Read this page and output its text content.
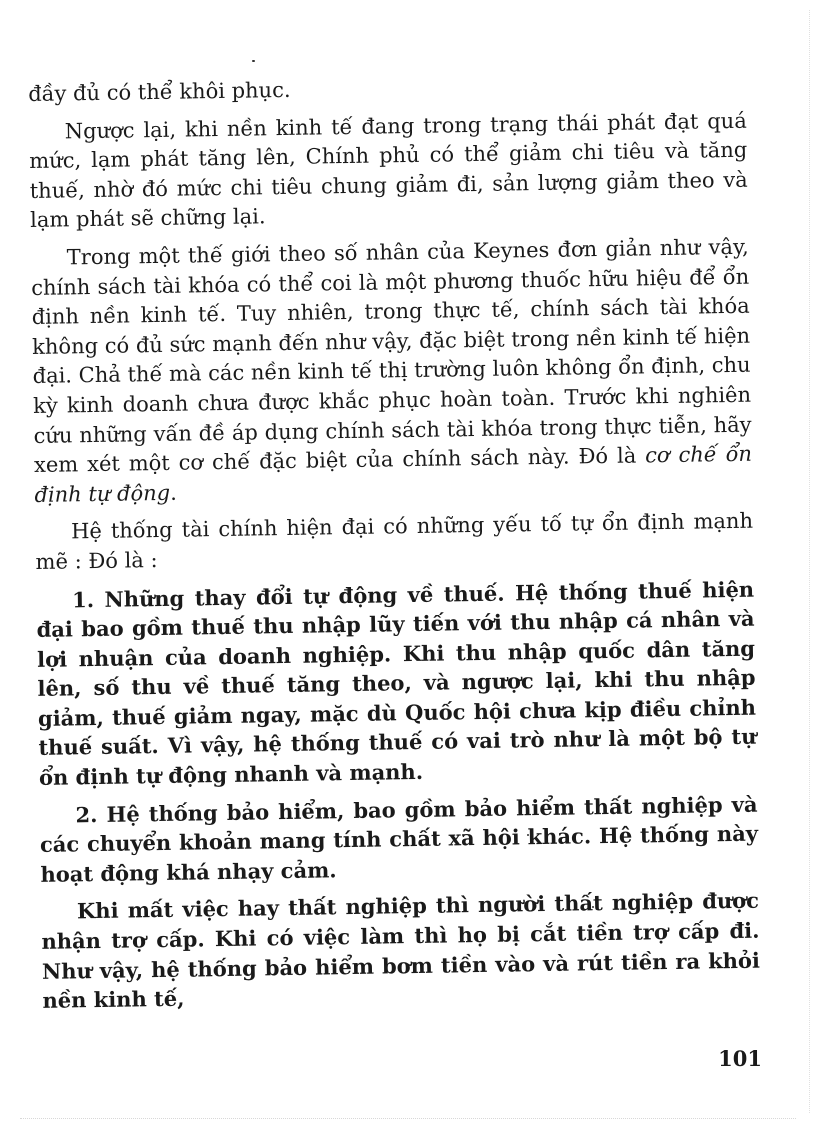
đầy đủ có thể khôi phục.

Ngược lại, khi nền kinh tế đang trong trạng thái phát đạt quá mức, lạm phát tăng lên, Chính phủ có thể giảm chi tiêu và tăng thuế, nhờ đó mức chi tiêu chung giảm đi, sản lượng giảm theo và lạm phát sẽ chững lại.

Trong một thế giới theo số nhân của Keynes đơn giản như vậy, chính sách tài khóa có thể coi là một phương thuốc hữu hiệu để ổn định nền kinh tế. Tuy nhiên, trong thực tế, chính sách tài khóa không có đủ sức mạnh đến như vậy, đặc biệt trong nền kinh tế hiện đại. Chả thế mà các nền kinh tế thị trường luôn không ổn định, chu kỳ kinh doanh chưa được khắc phục hoàn toàn. Trước khi nghiên cứu những vấn đề áp dụng chính sách tài khóa trong thực tiễn, hãy xem xét một cơ chế đặc biệt của chính sách này. Đó là cơ chế ổn định tự động.

Hệ thống tài chính hiện đại có những yếu tố tự ổn định mạnh mẽ : Đó là :

1. Những thay đổi tự động về thuế. Hệ thống thuế hiện đại bao gồm thuế thu nhập lũy tiến với thu nhập cá nhân và lợi nhuận của doanh nghiệp. Khi thu nhập quốc dân tăng lên, số thu về thuế tăng theo, và ngược lại, khi thu nhập giảm, thuế giảm ngay, mặc dù Quốc hội chưa kịp điều chỉnh thuế suất. Vì vậy, hệ thống thuế có vai trò như là một bộ tự ổn định tự động nhanh và mạnh.

2. Hệ thống bảo hiểm, bao gồm bảo hiểm thất nghiệp và các chuyển khoản mang tính chất xã hội khác. Hệ thống này hoạt động khá nhạy cảm.

Khi mất việc hay thất nghiệp thì người thất nghiệp được nhận trợ cấp. Khi có việc làm thì họ bị cắt tiền trợ cấp đi. Như vậy, hệ thống bảo hiểm bơm tiền vào và rút tiền ra khỏi nền kinh tế,

101
